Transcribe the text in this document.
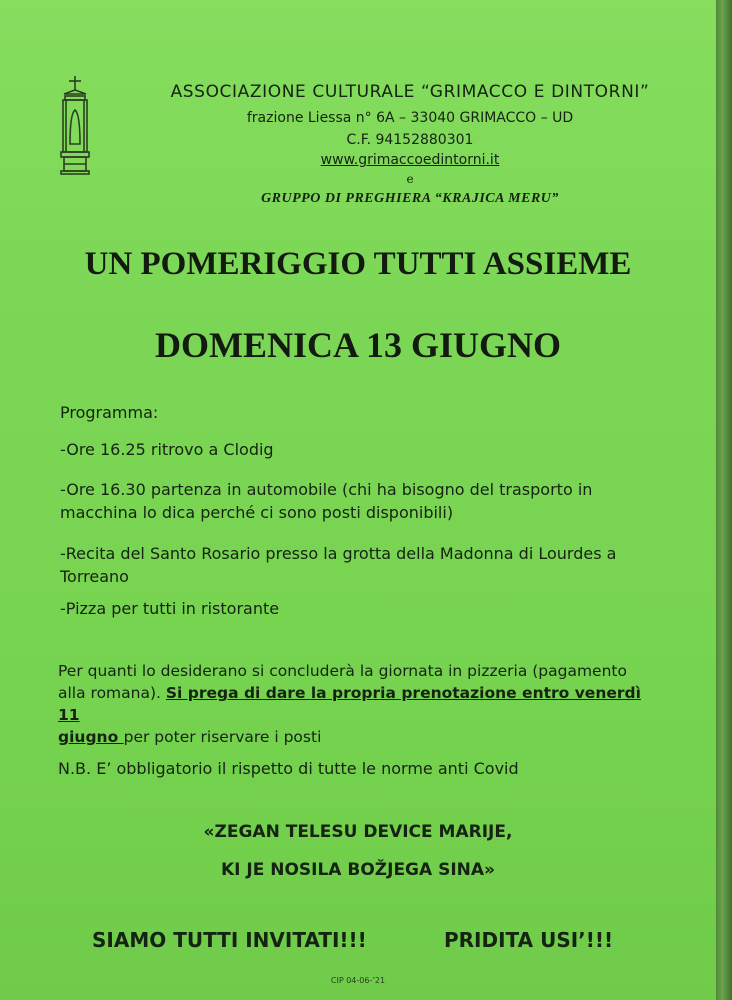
ASSOCIAZIONE CULTURALE “GRIMACCO E DINTORNI”
frazione Liessa n° 6A – 33040 GRIMACCO – UD
C.F. 94152880301
www.grimaccoedintorni.it
e
GRUPPO DI PREGHIERA “KRAJICA MERU”
UN POMERIGGIO TUTTI ASSIEME
DOMENICA 13 GIUGNO
Programma:
-Ore 16.25 ritrovo a Clodig
-Ore 16.30 partenza in automobile (chi ha bisogno del trasporto in macchina lo dica perché ci sono posti disponibili)
-Recita del Santo Rosario presso la grotta della Madonna di Lourdes a Torreano
-Pizza per tutti in ristorante
Per quanti lo desiderano si concluderà la giornata in pizzeria (pagamento alla romana). Si prega di dare la propria prenotazione entro venerdì 11
giugno per poter riservare i posti
N.B. E’ obbligatorio il rispetto di tutte le norme anti Covid
«ZEGAN TELESU DEVICE MARIJE,
KI JE NOSILA BOŽJEGA SINA»
SIAMO TUTTI INVITATI!!!	PRIDITA USI’!!!
CIP 04-06-’21
